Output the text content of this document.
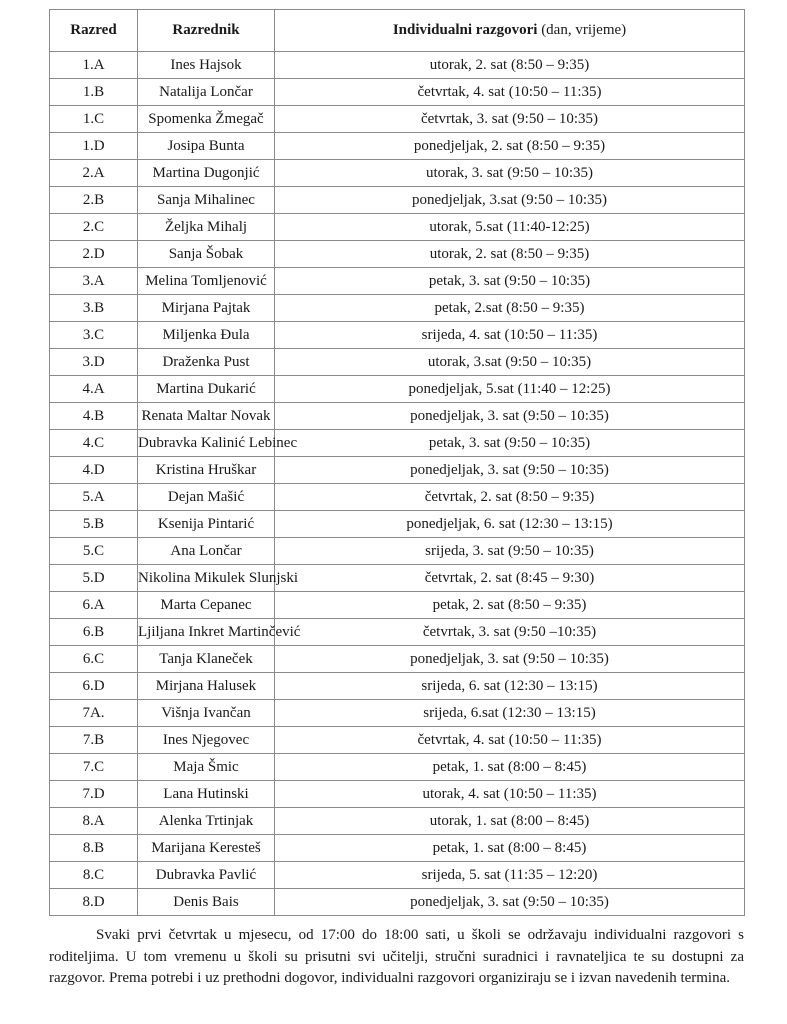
Razred	Razrednik	Individualni razgovori (dan, vrijeme)
1.A	Ines Hajsok	utorak, 2. sat (8:50 – 9:35)
1.B	Natalija Lončar	četvrtak, 4. sat (10:50 – 11:35)
1.C	Spomenka Žmegač	četvrtak, 3. sat (9:50 – 10:35)
1.D	Josipa Bunta	ponedjeljak, 2. sat (8:50 – 9:35)
2.A	Martina Dugonjić	utorak, 3. sat (9:50 – 10:35)
2.B	Sanja Mihalinec	ponedjeljak, 3.sat (9:50 – 10:35)
2.C	Željka Mihalj	utorak, 5.sat (11:40-12:25)
2.D	Sanja Šobak	utorak, 2. sat (8:50 – 9:35)
3.A	Melina Tomljenović	petak, 3. sat (9:50 – 10:35)
3.B	Mirjana Pajtak	petak, 2.sat (8:50 – 9:35)
3.C	Miljenka Đula	srijeda, 4. sat (10:50 – 11:35)
3.D	Draženka Pust	utorak, 3.sat (9:50 – 10:35)
4.A	Martina Dukarić	ponedjeljak, 5.sat (11:40 – 12:25)
4.B	Renata Maltar Novak	ponedjeljak, 3. sat (9:50 – 10:35)
4.C	Dubravka Kalinić Lebinec	petak, 3. sat (9:50 – 10:35)
4.D	Kristina Hruškar	ponedjeljak, 3. sat (9:50 – 10:35)
5.A	Dejan Mašić	četvrtak, 2. sat (8:50 – 9:35)
5.B	Ksenija Pintarić	ponedjeljak, 6. sat (12:30 – 13:15)
5.C	Ana Lončar	srijeda, 3. sat (9:50 – 10:35)
5.D	Nikolina Mikulek Slunjski	četvrtak, 2. sat (8:45 – 9:30)
6.A	Marta Cepanec	petak, 2. sat (8:50 – 9:35)
6.B	Ljiljana Inkret Martinčević	četvrtak, 3. sat (9:50 –10:35)
6.C	Tanja Klaneček	ponedjeljak, 3. sat (9:50 – 10:35)
6.D	Mirjana Halusek	srijeda, 6. sat (12:30 – 13:15)
7A.	Višnja Ivančan	srijeda, 6.sat (12:30 – 13:15)
7.B	Ines Njegovec	četvrtak, 4. sat (10:50 – 11:35)
7.C	Maja Šmic	petak, 1. sat (8:00 – 8:45)
7.D	Lana Hutinski	utorak, 4. sat (10:50 – 11:35)
8.A	Alenka Trtinjak	utorak, 1. sat (8:00 – 8:45)
8.B	Marijana Keresteš	petak, 1. sat (8:00 – 8:45)
8.C	Dubravka Pavlić	srijeda, 5. sat (11:35 – 12:20)
8.D	Denis Bais	ponedjeljak, 3. sat (9:50 – 10:35)

Svaki prvi četvrtak u mjesecu, od 17:00 do 18:00 sati, u školi se održavaju individualni razgovori s roditeljima. U tom vremenu u školi su prisutni svi učitelji, stručni suradnici i ravnateljica te su dostupni za razgovor. Prema potrebi i uz prethodni dogovor, individualni razgovori organiziraju se i izvan navedenih termina.
